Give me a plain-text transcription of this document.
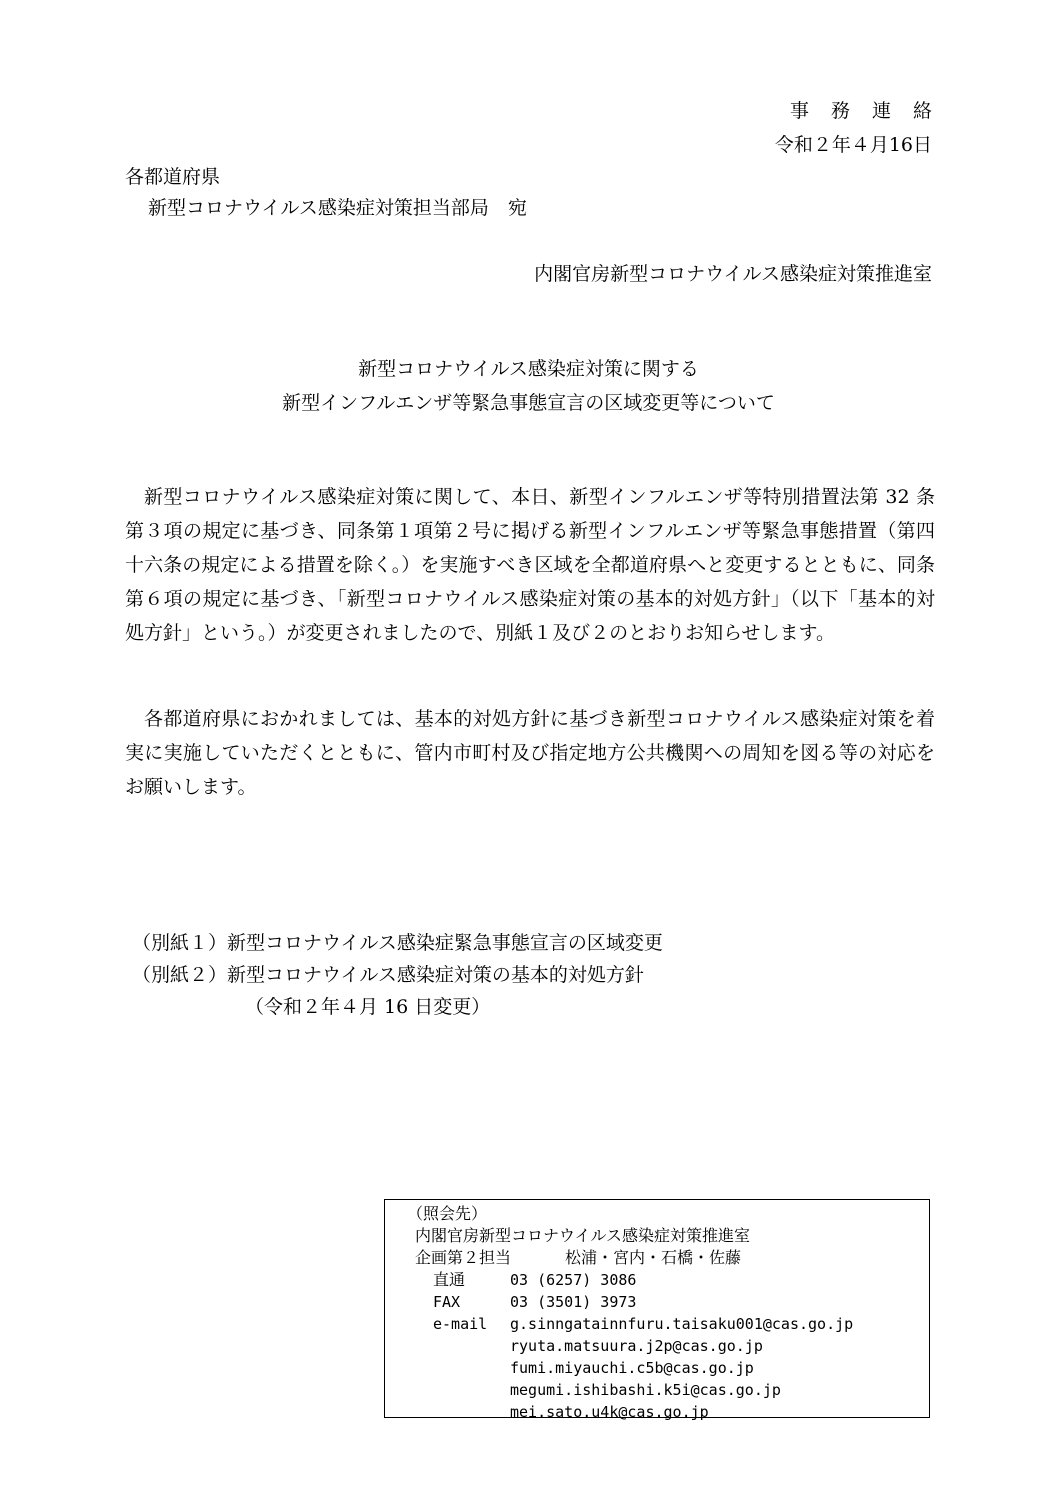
事務連絡
令和２年４月16日
各都道府県
新型コロナウイルス感染症対策担当部局　宛
内閣官房新型コロナウイルス感染症対策推進室
新型コロナウイルス感染症対策に関する
新型インフルエンザ等緊急事態宣言の区域変更等について

新型コロナウイルス感染症対策に関して、本日、新型インフルエンザ等特別措置法第 32 条第３項の規定に基づき、同条第１項第２号に掲げる新型インフルエンザ等緊急事態措置（第四十六条の規定による措置を除く。）を実施すべき区域を全都道府県へと変更するとともに、同条第６項の規定に基づき、「新型コロナウイルス感染症対策の基本的対処方針」（以下「基本的対処方針」という。）が変更されましたので、別紙１及び２のとおりお知らせします。

各都道府県におかれましては、基本的対処方針に基づき新型コロナウイルス感染症対策を着実に実施していただくとともに、管内市町村及び指定地方公共機関への周知を図る等の対応をお願いします。

（別紙１）新型コロナウイルス感染症緊急事態宣言の区域変更
（別紙２）新型コロナウイルス感染症対策の基本的対処方針
（令和２年４月 16 日変更）
（照会先）
内閣官房新型コロナウイルス感染症対策推進室
企画第２担当	松浦・宮内・石橋・佐藤
直通	03 (6257) 3086
FAX	03 (3501) 3973
e-mail g.sinngatainnfuru.taisaku001@cas.go.jp
ryuta.matsuura.j2p@cas.go.jp
fumi.miyauchi.c5b@cas.go.jp
megumi.ishibashi.k5i@cas.go.jp
mei.sato.u4k@cas.go.jp
